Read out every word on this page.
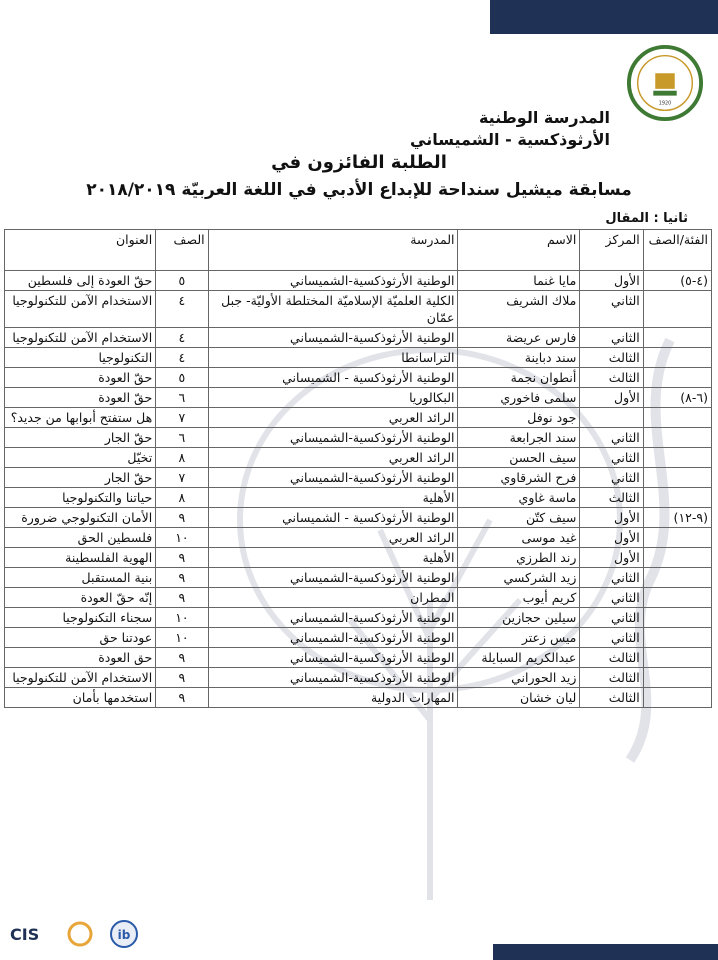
1920
المدرسة الوطنية
الأرثوذكسية - الشميساني
الطلبة الفائزون في
مسابقة ميشيل سنداحة للإبداع الأدبي في اللغة العربيّة ٢٠١٨/٢٠١٩
ثانيا : المقال
الفئة/الصف	المركز	الاسم	المدرسة	الصف	العنوان
(٤-٥)	الأول	مايا غنما	الوطنية الأرثوذكسية-الشميساني	٥	حقّ العودة إلى فلسطين
	الثاني	ملاك الشريف	الكلية العلميّة الإسلاميّة المختلطة الأوليّة- جبل عمّان	٤	الاستخدام الآمن للتكنولوجيا
	الثاني	فارس عريضة	الوطنية الأرثوذكسية-الشميساني	٤	الاستخدام الآمن للتكنولوجيا
	الثالث	سند دباينة	التراسانطا	٤	التكنولوجيا
	الثالث	أنطوان نجمة	الوطنية الأرثوذكسية - الشميساني	٥	حقّ العودة
(٦-٨)	الأول	سلمى فاخوري	البكالوريا	٦	حقّ العودة
		جود نوفل	الرائد العربي	٧	هل ستفتح أبوابها من جديد؟
	الثاني	سند الجرابعة	الوطنية الأرثوذكسية-الشميساني	٦	حقّ الجار
	الثاني	سيف الحسن	الرائد العربي	٨	تخيّل
	الثاني	فرح الشرقاوي	الوطنية الأرثوذكسية-الشميساني	٧	حقّ الجار
	الثالث	ماسة غاوي	الأهلية	٨	حياتنا والتكنولوجيا
(٩-١٢)	الأول	سيف كتّن	الوطنية الأرثوذكسية - الشميساني	٩	الأمان التكنولوجي ضرورة
	الأول	غيد موسى	الرائد العربي	١٠	فلسطين الحق
	الأول	رند الطرزي	الأهلية	٩	الهوية الفلسطينة
	الثاني	زيد الشركسي	الوطنية الأرثوذكسية-الشميساني	٩	بنية المستقبل
	الثاني	كريم أيوب	المطران	٩	إنّه حقّ العودة
	الثاني	سيلين حجازين	الوطنية الأرثوذكسية-الشميساني	١٠	سجناء التكنولوجيا
	الثاني	ميس زعتر	الوطنية الأرثوذكسية-الشميساني	١٠	عودتنا حق
	الثالث	عبدالكريم السبايلة	الوطنية الأرثوذكسية-الشميساني	٩	حق العودة
	الثالث	زيد الحوراني	الوطنية الأرثوذكسية-الشميساني	٩	الاستخدام الآمن للتكنولوجيا
	الثالث	ليان خشان	المهارات الدولية	٩	استخدمها بأمان
CIS	ib
